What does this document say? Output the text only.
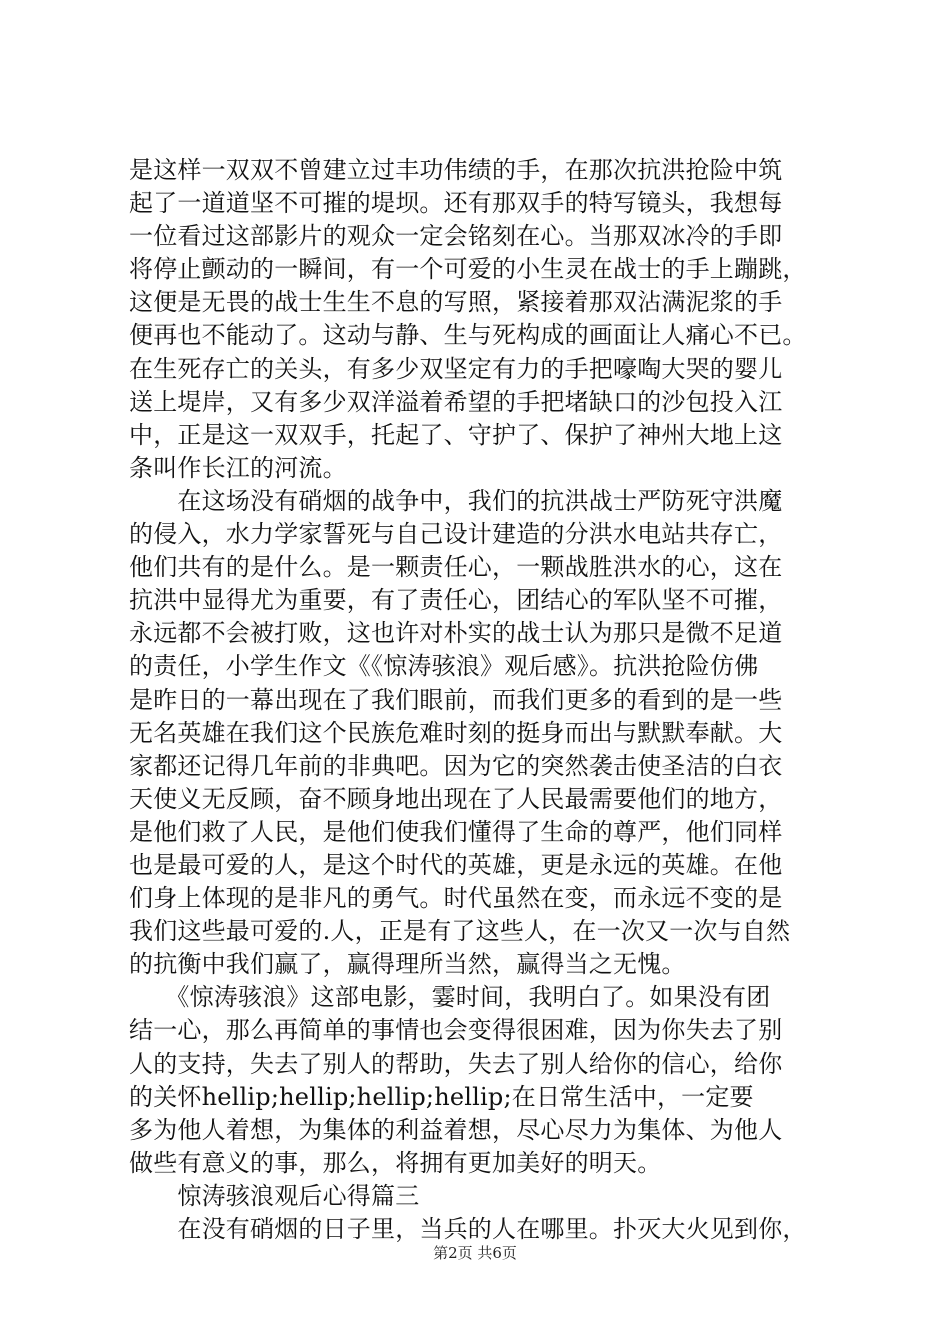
是这样一双双不曾建立过丰功伟绩的手，在那次抗洪抢险中筑
起了一道道坚不可摧的堤坝。还有那双手的特写镜头，我想每
一位看过这部影片的观众一定会铭刻在心。当那双冰冷的手即
将停止颤动的一瞬间，有一个可爱的小生灵在战士的手上蹦跳，
这便是无畏的战士生生不息的写照，紧接着那双沾满泥浆的手
便再也不能动了。这动与静、生与死构成的画面让人痛心不已。
在生死存亡的关头，有多少双坚定有力的手把嚎啕大哭的婴儿
送上堤岸，又有多少双洋溢着希望的手把堵缺口的沙包投入江
中，正是这一双双手，托起了、守护了、保护了神州大地上这
条叫作长江的河流。
　　在这场没有硝烟的战争中，我们的抗洪战士严防死守洪魔
的侵入，水力学家誓死与自己设计建造的分洪水电站共存亡，
他们共有的是什么。是一颗责任心，一颗战胜洪水的心，这在
抗洪中显得尤为重要，有了责任心，团结心的军队坚不可摧，
永远都不会被打败，这也许对朴实的战士认为那只是微不足道
的责任，小学生作文《《惊涛骇浪》观后感》。抗洪抢险仿佛
是昨日的一幕出现在了我们眼前，而我们更多的看到的是一些
无名英雄在我们这个民族危难时刻的挺身而出与默默奉献。大
家都还记得几年前的非典吧。因为它的突然袭击使圣洁的白衣
天使义无反顾，奋不顾身地出现在了人民最需要他们的地方，
是他们救了人民，是他们使我们懂得了生命的尊严，他们同样
也是最可爱的人，是这个时代的英雄，更是永远的英雄。在他
们身上体现的是非凡的勇气。时代虽然在变，而永远不变的是
我们这些最可爱的.人，正是有了这些人，在一次又一次与自然
的抗衡中我们赢了，赢得理所当然，赢得当之无愧。
　　《惊涛骇浪》这部电影，霎时间，我明白了。如果没有团
结一心，那么再简单的事情也会变得很困难，因为你失去了别
人的支持，失去了别人的帮助，失去了别人给你的信心，给你
的关怀hellip;hellip;hellip;hellip;在日常生活中，一定要
多为他人着想，为集体的利益着想，尽心尽力为集体、为他人
做些有意义的事，那么，将拥有更加美好的明天。
　　惊涛骇浪观后心得篇三
　　在没有硝烟的日子里，当兵的人在哪里。扑灭大火见到你，
第2页 共6页
